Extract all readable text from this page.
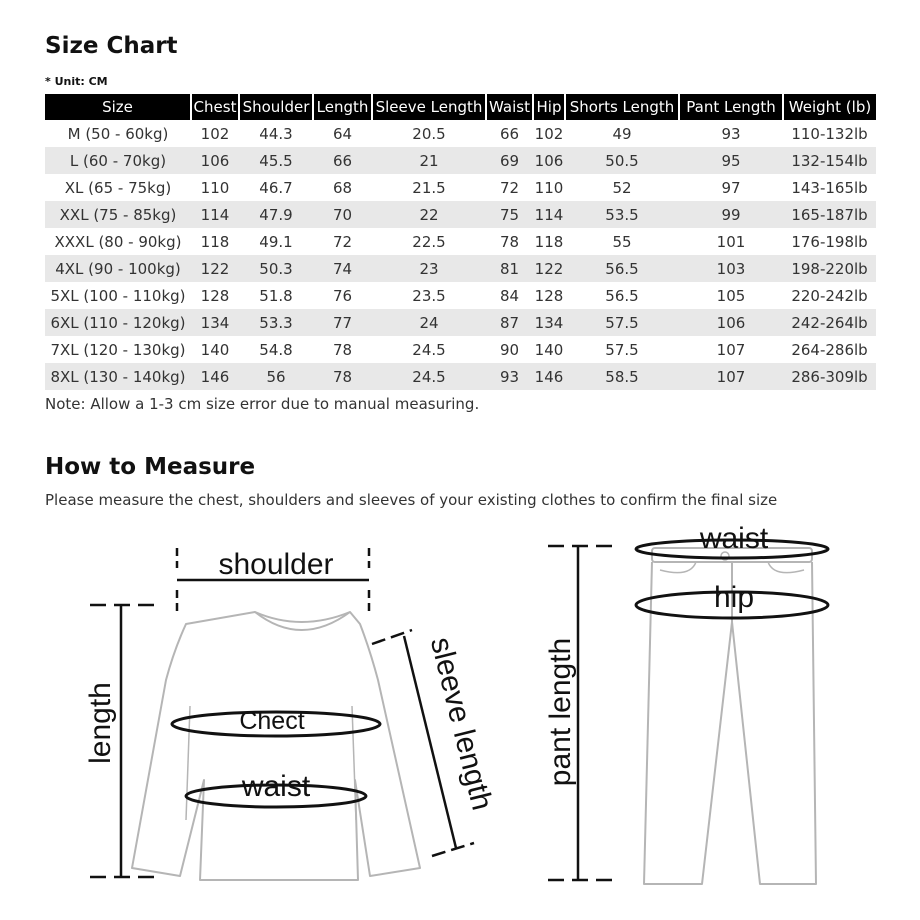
Size Chart
* Unit: CM
Size	Chest	Shoulder	Length	Sleeve Length	Waist	Hip	Shorts Length	Pant Length	Weight (lb)
M (50 - 60kg)	102	44.3	64	20.5	66	102	49	93	110-132lb
L (60 - 70kg)	106	45.5	66	21	69	106	50.5	95	132-154lb
XL (65 - 75kg)	110	46.7	68	21.5	72	110	52	97	143-165lb
XXL (75 - 85kg)	114	47.9	70	22	75	114	53.5	99	165-187lb
XXXL (80 - 90kg)	118	49.1	72	22.5	78	118	55	101	176-198lb
4XL (90 - 100kg)	122	50.3	74	23	81	122	56.5	103	198-220lb
5XL (100 - 110kg)	128	51.8	76	23.5	84	128	56.5	105	220-242lb
6XL (110 - 120kg)	134	53.3	77	24	87	134	57.5	106	242-264lb
7XL (120 - 130kg)	140	54.8	78	24.5	90	140	57.5	107	264-286lb
8XL (130 - 140kg)	146	56	78	24.5	93	146	58.5	107	286-309lb
Note: Allow a 1-3 cm size error due to manual measuring.
How to Measure
Please measure the chest, shoulders and sleeves of your existing clothes to confirm the final size
shoulder
length	Chect
waist	sleeve length
waist
hip
pant length
